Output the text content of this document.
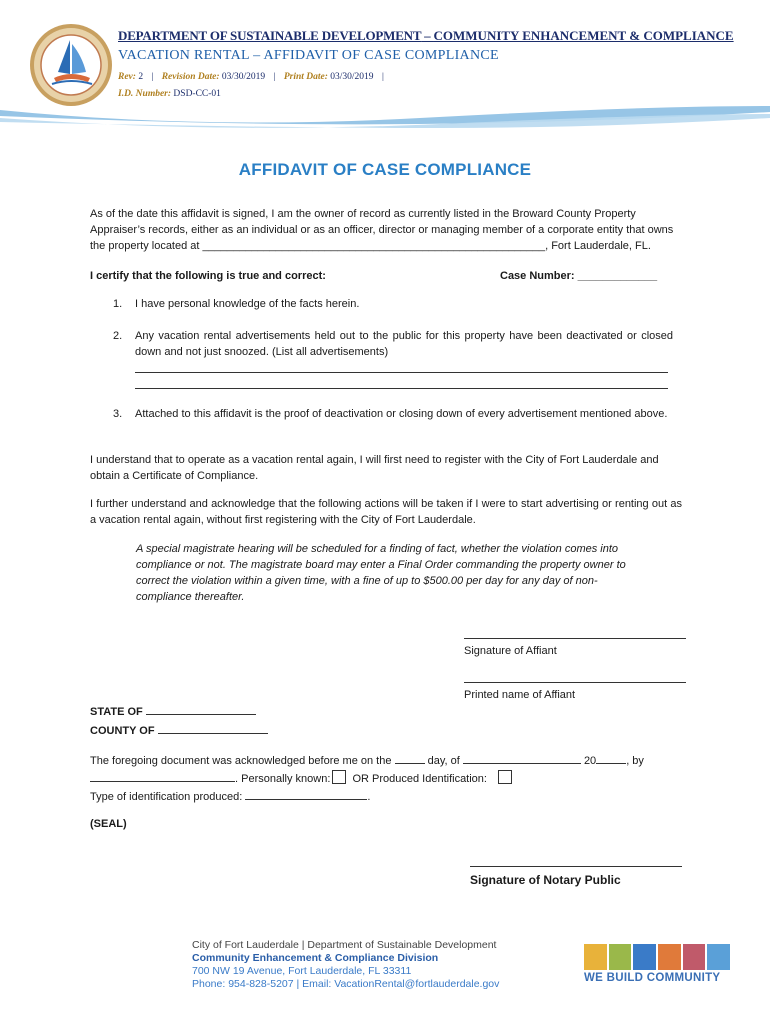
DEPARTMENT OF SUSTAINABLE DEVELOPMENT – COMMUNITY ENHANCEMENT & COMPLIANCE
VACATION RENTAL – AFFIDAVIT OF CASE COMPLIANCE
Rev: 2 | Revision Date: 03/30/2019 | Print Date: 03/30/2019 |
I.D. Number: DSD-CC-01
AFFIDAVIT OF CASE COMPLIANCE

As of the date this affidavit is signed, I am the owner of record as currently listed in the Broward County Property Appraiser’s records, either as an individual or as an officer, director or managing member of a corporate entity that owns the property located at ________________________________________________________, Fort Lauderdale, FL.

I certify that the following is true and correct:	Case Number: _____________

1. I have personal knowledge of the facts herein.

2. Any vacation rental advertisements held out to the public for this property have been deactivated or closed down and not just snoozed. (List all advertisements)

3. Attached to this affidavit is the proof of deactivation or closing down of every advertisement mentioned above.

I understand that to operate as a vacation rental again, I will first need to register with the City of Fort Lauderdale and obtain a Certificate of Compliance.

I further understand and acknowledge that the following actions will be taken if I were to start advertising or renting out as a vacation rental again, without first registering with the City of Fort Lauderdale.

A special magistrate hearing will be scheduled for a finding of fact, whether the violation comes into compliance or not. The magistrate board may enter a Final Order commanding the property owner to correct the violation within a given time, with a fine of up to $500.00 per day for any day of non-compliance thereafter.

Signature of Affiant
Printed name of Affiant
STATE OF
COUNTY OF
The foregoing document was acknowledged before me on the	day, of	20	, by
. Personally known: OR Produced Identification:
Type of identification produced:	.
(SEAL)
Signature of Notary Public
City of Fort Lauderdale | Department of Sustainable Development
Community Enhancement & Compliance Division
700 NW 19 Avenue, Fort Lauderdale, FL 33311
Phone: 954-828-5207 | Email: VacationRental@fortlauderdale.gov	WE BUILD COMMUNITY
